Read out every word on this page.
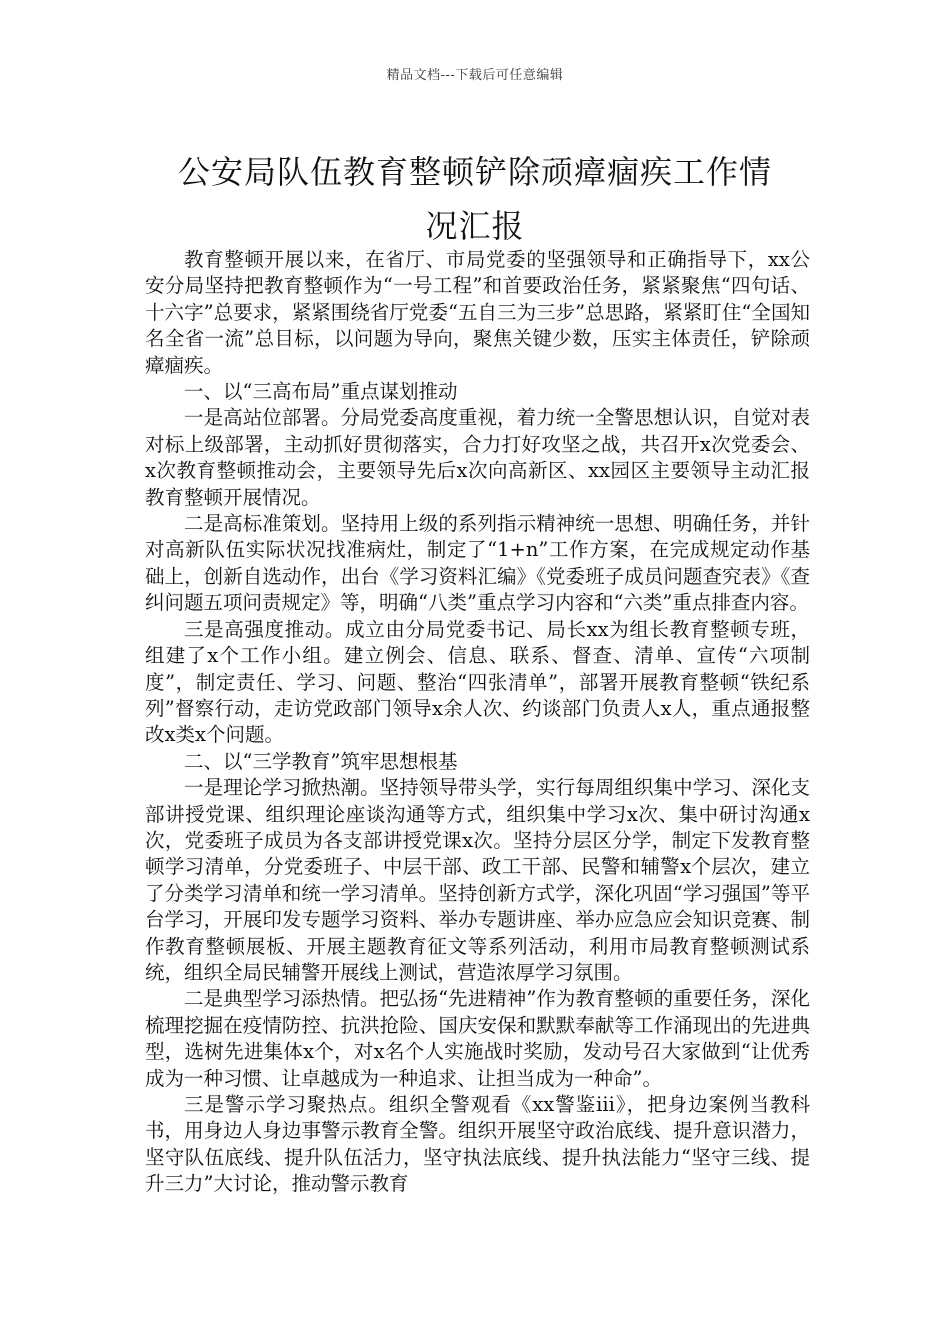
精品文档---下载后可任意编辑
公安局队伍教育整顿铲除顽瘴痼疾工作情
况汇报

教育整顿开展以来，在省厅、市局党委的坚强领导和正确指导下，xx公安分局坚持把教育整顿作为“一号工程”和首要政治任务，紧紧聚焦“四句话、十六字”总要求，紧紧围绕省厅党委“五自三为三步”总思路，紧紧盯住“全国知名全省一流”总目标，以问题为导向，聚焦关键少数，压实主体责任，铲除顽瘴痼疾。

一、以“三高布局”重点谋划推动

一是高站位部署。分局党委高度重视，着力统一全警思想认识，自觉对表对标上级部署，主动抓好贯彻落实，合力打好攻坚之战，共召开x次党委会、x次教育整顿推动会，主要领导先后x次向高新区、xx园区主要领导主动汇报教育整顿开展情况。

二是高标准策划。坚持用上级的系列指示精神统一思想、明确任务，并针对高新队伍实际状况找准病灶，制定了“1+n”工作方案，在完成规定动作基础上，创新自选动作，出台《学习资料汇编》《党委班子成员问题查究表》《查纠问题五项问责规定》等，明确“八类”重点学习内容和“六类”重点排查内容。

三是高强度推动。成立由分局党委书记、局长xx为组长教育整顿专班，组建了x个工作小组。建立例会、信息、联系、督查、清单、宣传“六项制度”，制定责任、学习、问题、整治“四张清单”，部署开展教育整顿“铁纪系列”督察行动，走访党政部门领导x余人次、约谈部门负责人x人，重点通报整改x类x个问题。

二、以“三学教育”筑牢思想根基

一是理论学习掀热潮。坚持领导带头学，实行每周组织集中学习、深化支部讲授党课、组织理论座谈沟通等方式，组织集中学习x次、集中研讨沟通x次，党委班子成员为各支部讲授党课x次。坚持分层区分学，制定下发教育整顿学习清单，分党委班子、中层干部、政工干部、民警和辅警x个层次，建立了分类学习清单和统一学习清单。坚持创新方式学，深化巩固“学习强国”等平台学习，开展印发专题学习资料、举办专题讲座、举办应急应会知识竞赛、制作教育整顿展板、开展主题教育征文等系列活动，利用市局教育整顿测试系统，组织全局民辅警开展线上测试，营造浓厚学习氛围。

二是典型学习添热情。把弘扬“先进精神”作为教育整顿的重要任务，深化梳理挖掘在疫情防控、抗洪抢险、国庆安保和默默奉献等工作涌现出的先进典型，选树先进集体x个，对x名个人实施战时奖励，发动号召大家做到“让优秀成为一种习惯、让卓越成为一种追求、让担当成为一种命”。

三是警示学习聚热点。组织全警观看《xx警鉴iii》，把身边案例当教科书，用身边人身边事警示教育全警。组织开展坚守政治底线、提升意识潜力，坚守队伍底线、提升队伍活力，坚守执法底线、提升执法能力“坚守三线、提升三力”大讨论，推动警示教育
